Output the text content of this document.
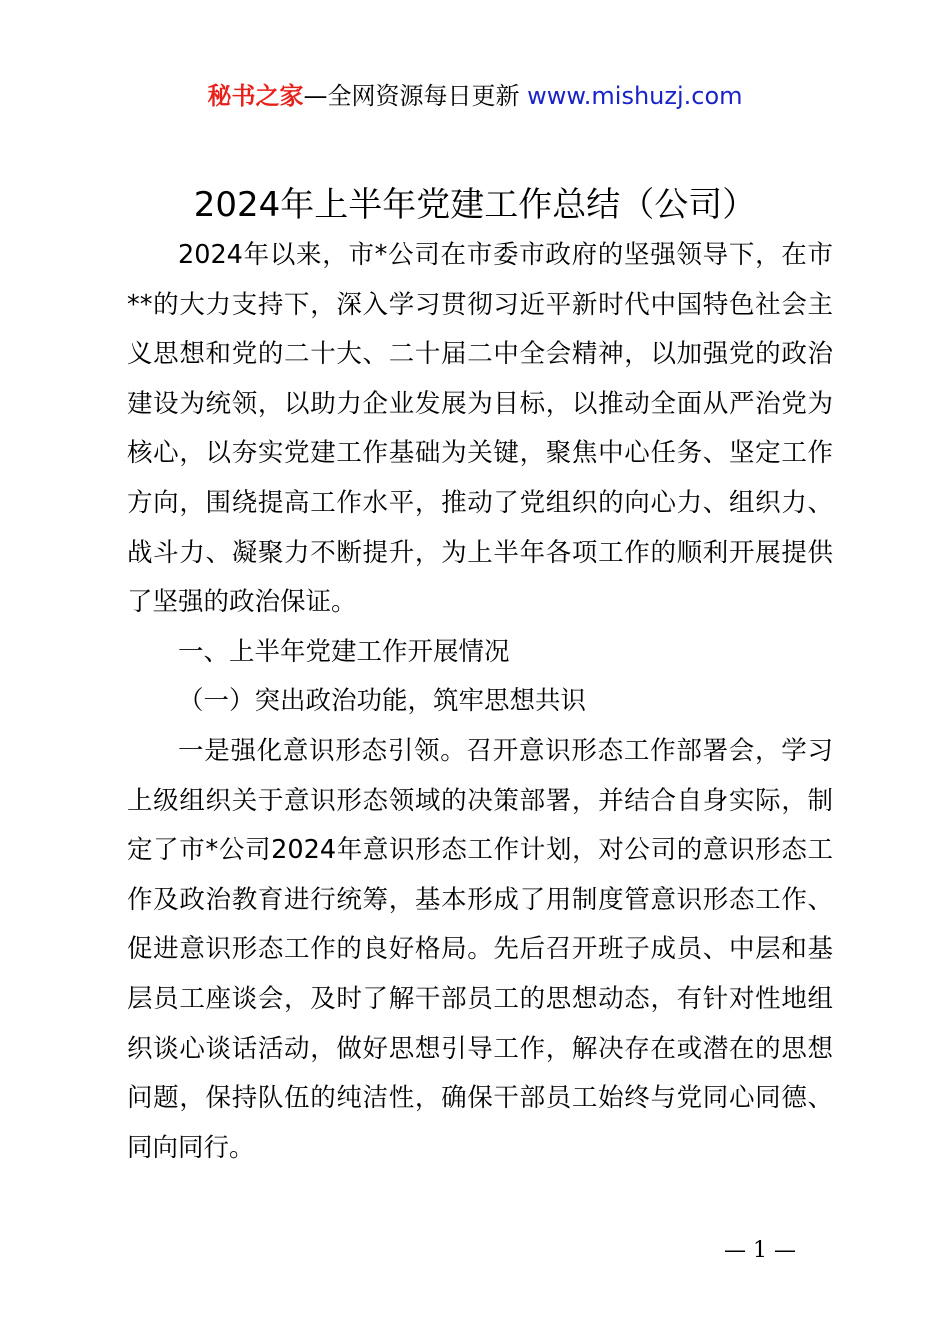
秘书之家—全网资源每日更新 www.mishuzj.com
2024年上半年党建工作总结（公司）

2024年以来，市*公司在市委市政府的坚强领导下，在市**的大力支持下，深入学习贯彻习近平新时代中国特色社会主义思想和党的二十大、二十届二中全会精神，以加强党的政治建设为统领，以助力企业发展为目标，以推动全面从严治党为核心，以夯实党建工作基础为关键，聚焦中心任务、坚定工作方向，围绕提高工作水平，推动了党组织的向心力、组织力、战斗力、凝聚力不断提升，为上半年各项工作的顺利开展提供了坚强的政治保证。

一、上半年党建工作开展情况

（一）突出政治功能，筑牢思想共识

一是强化意识形态引领。召开意识形态工作部署会，学习上级组织关于意识形态领域的决策部署，并结合自身实际，制定了市*公司2024年意识形态工作计划，对公司的意识形态工作及政治教育进行统筹，基本形成了用制度管意识形态工作、促进意识形态工作的良好格局。先后召开班子成员、中层和基层员工座谈会，及时了解干部员工的思想动态，有针对性地组织谈心谈话活动，做好思想引导工作，解决存在或潜在的思想问题，保持队伍的纯洁性，确保干部员工始终与党同心同德、同向同行。

— 1 —
